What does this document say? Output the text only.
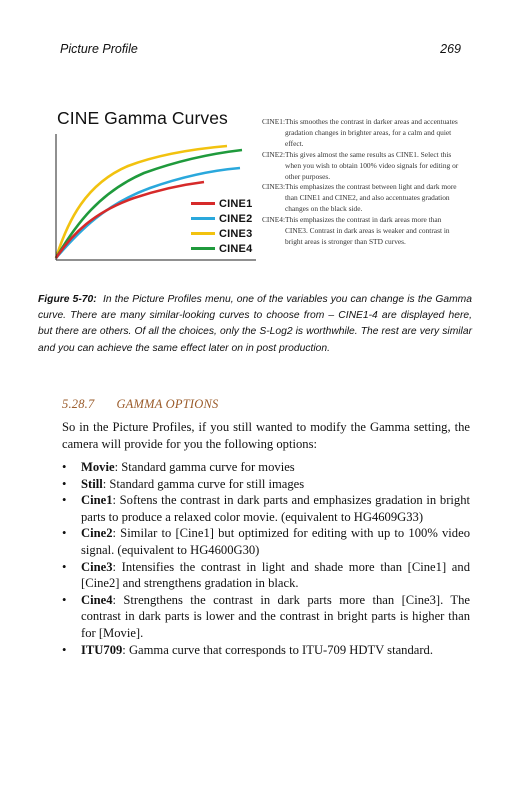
Picture Profile	269
CINE Gamma Curves
CINE1
CINE2
CINE3
CINE4
CINE1: This smoothes the contrast in darker areas and accentuates gradation changes in brighter areas, for a calm and quiet effect.
CINE2: This gives almost the same results as CINE1. Select this when you wish to obtain 100% video signals for editing or other purposes.
CINE3: This emphasizes the contrast between light and dark more than CINE1 and CINE2, and also accentuates gradation changes on the black side.
CINE4: This emphasizes the contrast in dark areas more than CINE3. Contrast in dark areas is weaker and contrast in bright areas is stronger than STD curves.
Figure 5-70: In the Picture Profiles menu, one of the variables you can change is the Gamma curve. There are many similar-looking curves to choose from – CINE1-4 are displayed here, but there are others. Of all the choices, only the S-Log2 is worthwhile. The rest are very similar and you can achieve the same effect later on in post production.
5.28.7 GAMMA OPTIONS
So in the Picture Profiles, if you still wanted to modify the Gamma setting, the camera will provide for you the following options:
• Movie: Standard gamma curve for movies
• Still: Standard gamma curve for still images
• Cine1: Softens the contrast in dark parts and emphasizes gradation in bright parts to produce a relaxed color movie. (equivalent to HG4609G33)
• Cine2: Similar to [Cine1] but optimized for editing with up to 100% video signal. (equivalent to HG4600G30)
• Cine3: Intensifies the contrast in light and shade more than [Cine1] and [Cine2] and strengthens gradation in black.
• Cine4: Strengthens the contrast in dark parts more than [Cine3]. The contrast in dark parts is lower and the contrast in bright parts is higher than for [Movie].
• ITU709: Gamma curve that corresponds to ITU-709 HDTV standard.
